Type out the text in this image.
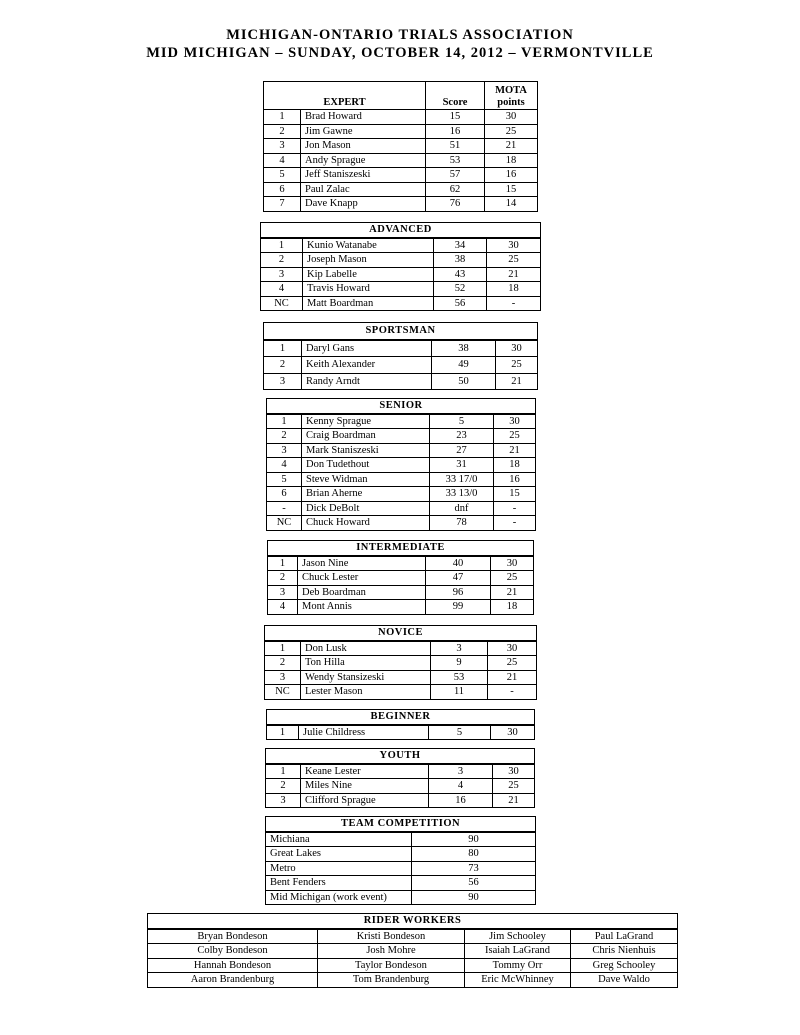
MICHIGAN-ONTARIO TRIALS ASSOCIATION
MID MICHIGAN – SUNDAY, OCTOBER 14, 2012 – VERMONTVILLE
EXPERT		Score	MOTA points
1	Brad Howard	15	30
2	Jim Gawne	16	25
3	Jon Mason	51	21
4	Andy Sprague	53	18
5	Jeff Staniszeski	57	16
6	Paul Zalac	62	15
7	Dave Knapp	76	14
ADVANCED			
1	Kunio Watanabe	34	30
2	Joseph Mason	38	25
3	Kip Labelle	43	21
4	Travis Howard	52	18
NC	Matt Boardman	56	-
SPORTSMAN			
1	Daryl Gans	38	30
2	Keith Alexander	49	25
3	Randy Arndt	50	21
SENIOR			
1	Kenny Sprague	5	30
2	Craig Boardman	23	25
3	Mark Staniszeski	27	21
4	Don Tudethout	31	18
5	Steve Widman	33 17/0	16
6	Brian Aherne	33 13/0	15
-	Dick DeBolt	dnf	-
NC	Chuck Howard	78	-
INTERMEDIATE			
1	Jason Nine	40	30
2	Chuck Lester	47	25
3	Deb Boardman	96	21
4	Mont Annis	99	18
NOVICE			
1	Don Lusk	3	30
2	Ton Hilla	9	25
3	Wendy Stansizeski	53	21
NC	Lester Mason	11	-
BEGINNER
1	Julie Childress	5	30
YOUTH			
1	Keane Lester	3	30
2	Miles Nine	4	25
3	Clifford Sprague	16	21
TEAM COMPETITION	
Michiana	90
Great Lakes	80
Metro	73
Bent Fenders	56
Mid Michigan (work event)	90
RIDER WORKERS			
Bryan Bondeson	Kristi Bondeson	Jim Schooley	Paul LaGrand
Colby Bondeson	Josh Mohre	Isaiah LaGrand	Chris Nienhuis
Hannah Bondeson	Taylor Bondeson	Tommy Orr	Greg Schooley
Aaron Brandenburg	Tom Brandenburg	Eric McWhinney	Dave Waldo
